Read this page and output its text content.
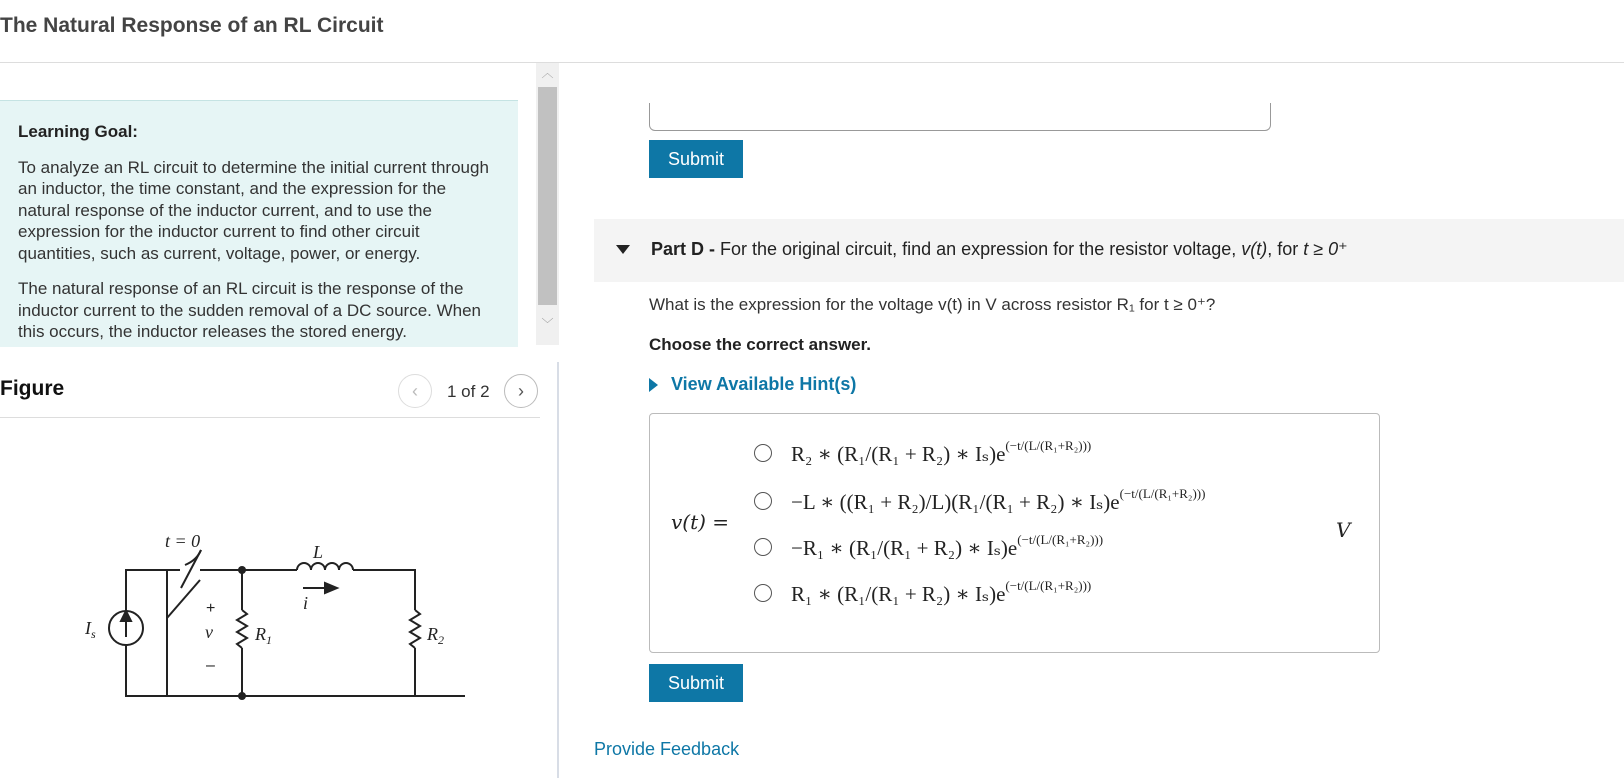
The Natural Response of an RL Circuit
Learning Goal:

To analyze an RL circuit to determine the initial current through an inductor, the time constant, and the expression for the natural response of the inductor current, and to use the expression for the inductor current to find other circuit quantities, such as current, voltage, power, or energy.

The natural response of an RL circuit is the response of the inductor current to the sudden removal of a DC source. When this occurs, the inductor releases the stored energy.

︿
﹀
Figure	‹ 1 of 2 ›
t = 0
L
i
$I_s$	v $R_1$	$R_2$
+
–
Submit
Part D - For the original circuit, find an expression for the resistor voltage, v(t), for t ≥ 0⁺
What is the expression for the voltage v(t) in V across resistor R₁ for t ≥ 0⁺?
Choose the correct answer.
View Available Hint(s)
v(t) =	V
R₂ ∗ (R₁/(R₁ + R₂) ∗ $I_s)e^{(-t/(L/(R_1+R_2)))}$
−L ∗ ((R₁ + R₂)/L)(R₁/(R₁ + R₂) ∗ $I_s)e^{(-t/(L/(R_1+R_2)))}$
−R₁ ∗ (R₁/(R₁ + R₂) ∗ $I_s)e^{(-t/(L/(R_1+R_2)))}$
R₁ ∗ (R₁/(R₁ + R₂) ∗ $I_s)e^{(-t/(L/(R_1+R_2)))}$
Submit
Provide Feedback
